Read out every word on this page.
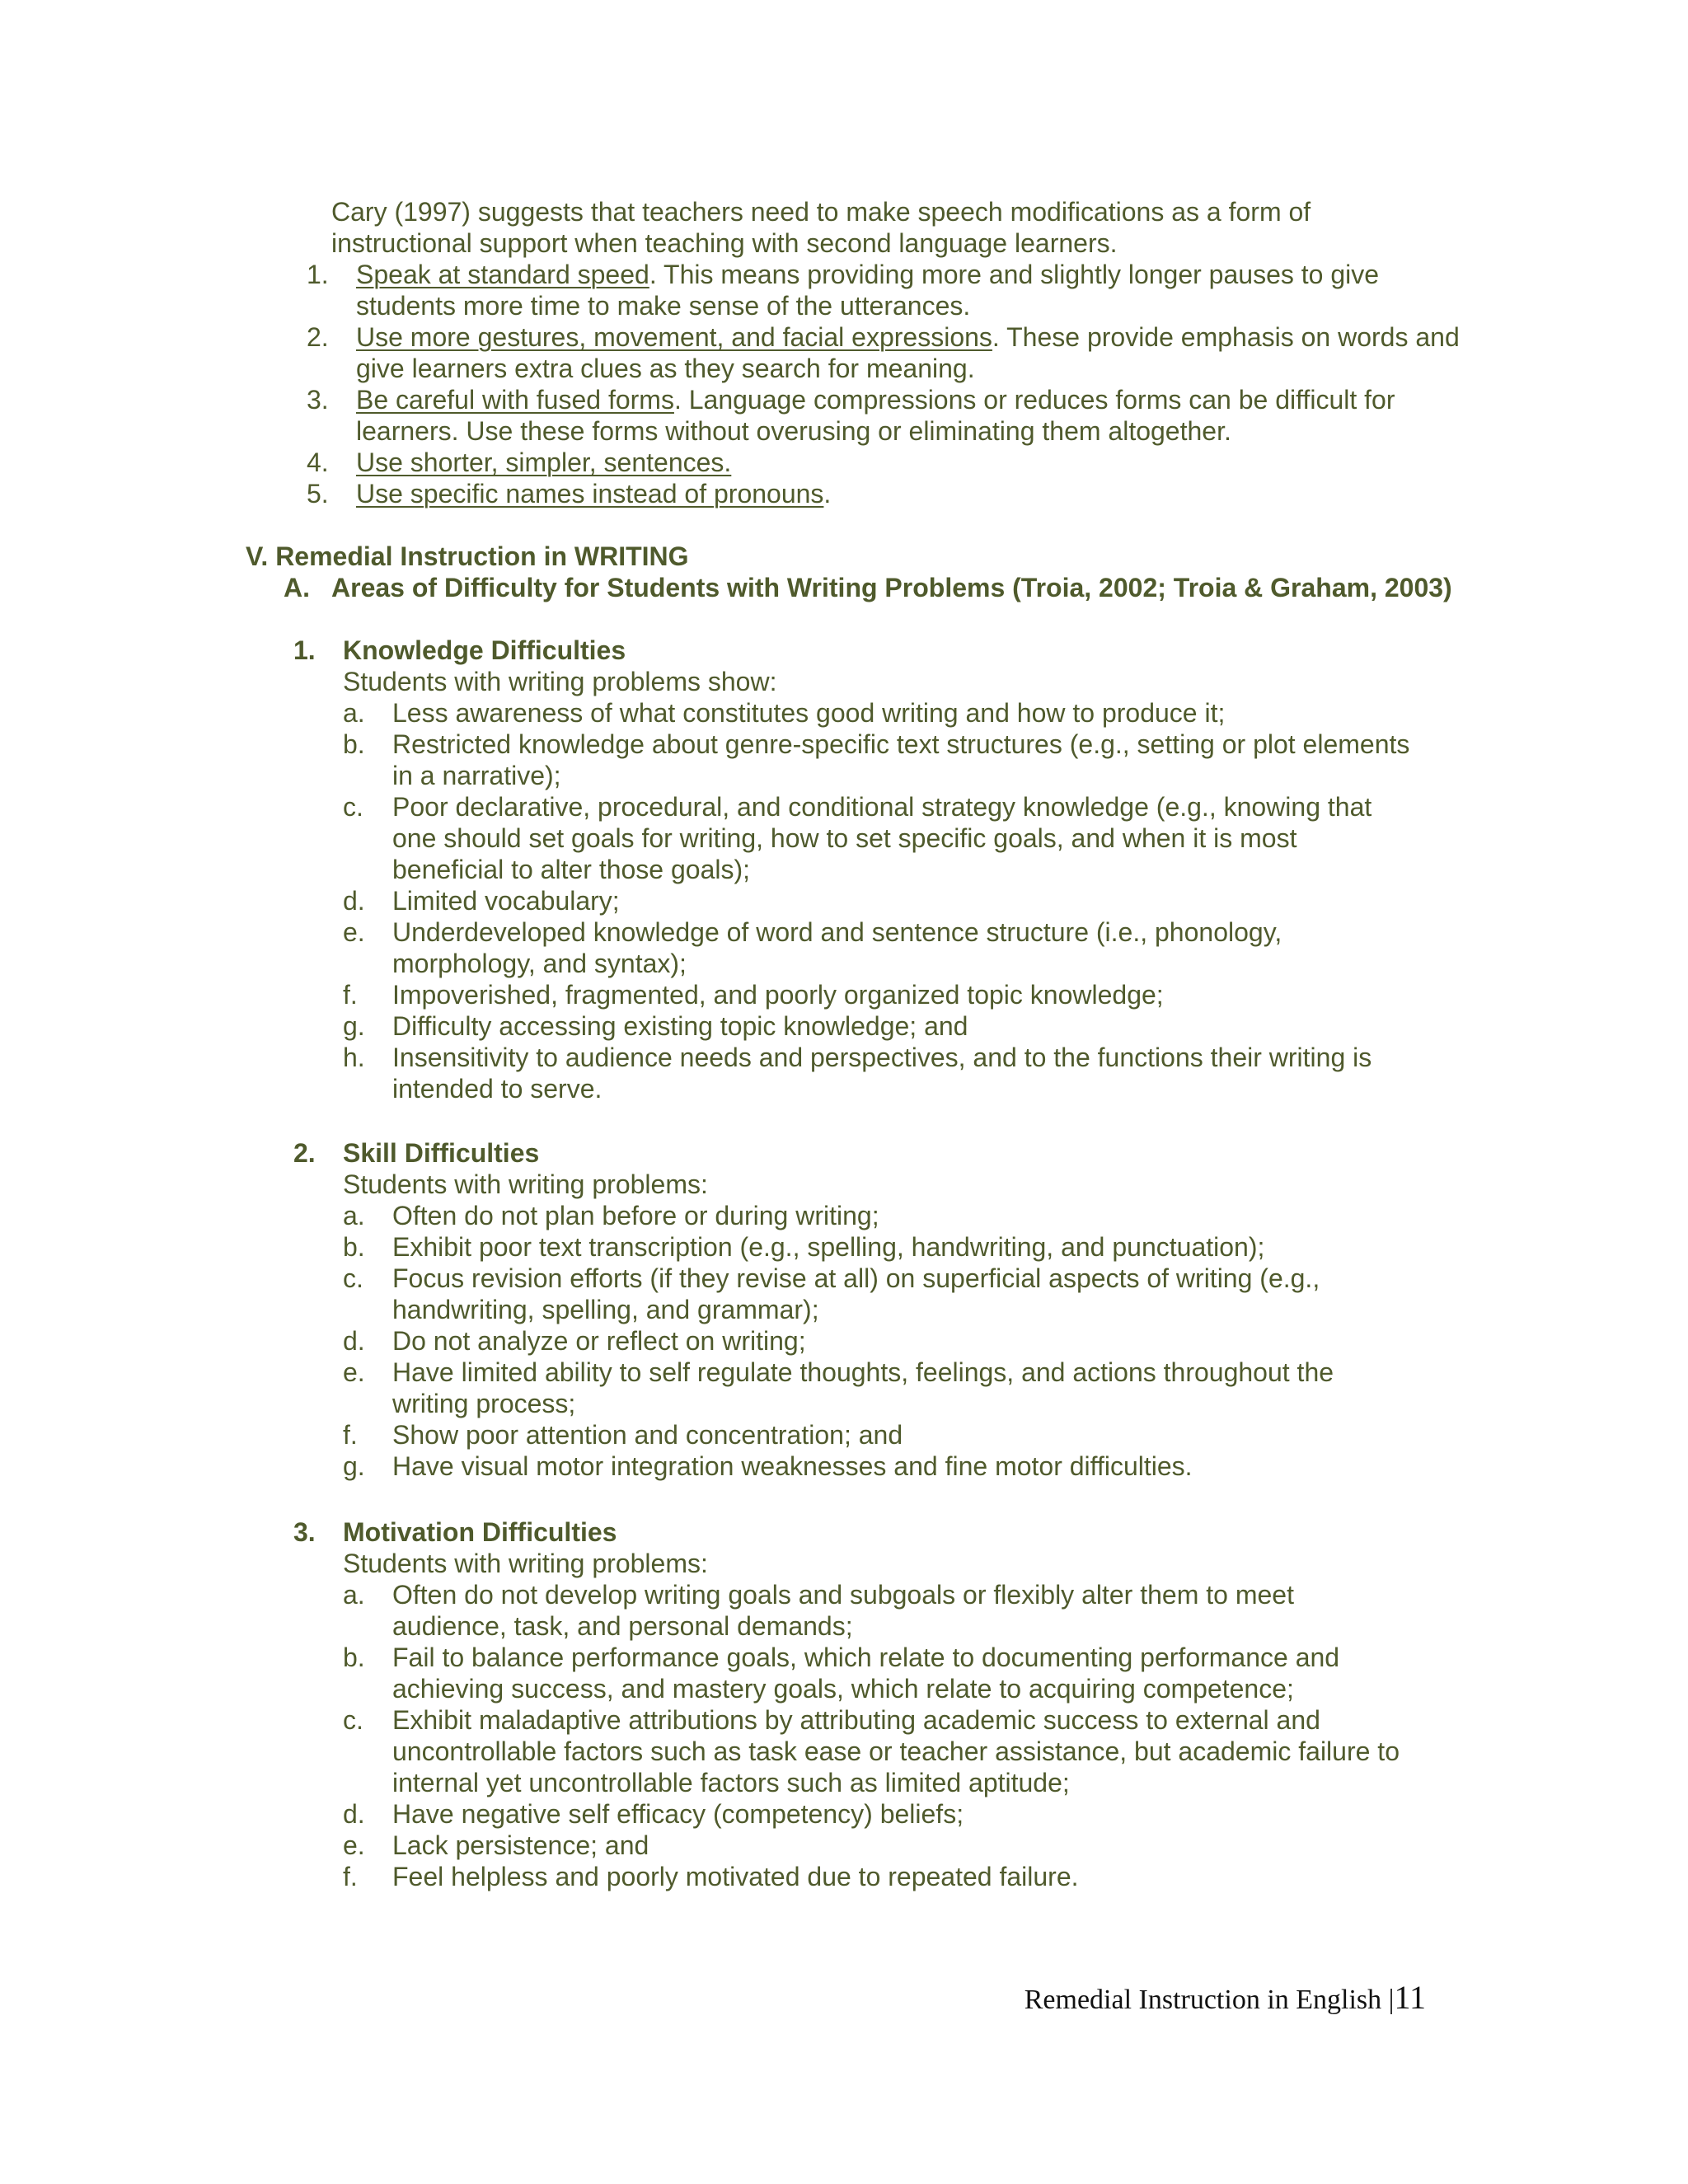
Cary (1997) suggests that teachers need to make speech modifications as a form of instructional support when teaching with second language learners.
1.	Speak at standard speed. This means providing more and slightly longer pauses to give students more time to make sense of the utterances.
2.	Use more gestures, movement, and facial expressions. These provide emphasis on words and give learners extra clues as they search for meaning.
3.	Be careful with fused forms. Language compressions or reduces forms can be difficult for learners. Use these forms without overusing or eliminating them altogether.
4.	Use shorter, simpler, sentences.
5.	Use specific names instead of pronouns.
V. Remedial Instruction in WRITING
A. Areas of Difficulty for Students with Writing Problems (Troia, 2002; Troia & Graham, 2003)
1.	Knowledge Difficulties
Students with writing problems show:
a.	Less awareness of what constitutes good writing and how to produce it;
b.	Restricted knowledge about genre-specific text structures (e.g., setting or plot elements in a narrative);
c.	Poor declarative, procedural, and conditional strategy knowledge (e.g., knowing that one should set goals for writing, how to set specific goals, and when it is most beneficial to alter those goals);
d.	Limited vocabulary;
e.	Underdeveloped knowledge of word and sentence structure (i.e., phonology, morphology, and syntax);
f.	Impoverished, fragmented, and poorly organized topic knowledge;
g.	Difficulty accessing existing topic knowledge; and
h.	Insensitivity to audience needs and perspectives, and to the functions their writing is intended to serve.
2.	Skill Difficulties
Students with writing problems:
a.	Often do not plan before or during writing;
b.	Exhibit poor text transcription (e.g., spelling, handwriting, and punctuation);
c.	Focus revision efforts (if they revise at all) on superficial aspects of writing (e.g., handwriting, spelling, and grammar);
d.	Do not analyze or reflect on writing;
e.	Have limited ability to self regulate thoughts, feelings, and actions throughout the writing process;
f.	Show poor attention and concentration; and
g.	Have visual motor integration weaknesses and fine motor difficulties.
3.	Motivation Difficulties
Students with writing problems:
a.	Often do not develop writing goals and subgoals or flexibly alter them to meet audience, task, and personal demands;
b.	Fail to balance performance goals, which relate to documenting performance and achieving success, and mastery goals, which relate to acquiring competence;
c.	Exhibit maladaptive attributions by attributing academic success to external and uncontrollable factors such as task ease or teacher assistance, but academic failure to internal yet uncontrollable factors such as limited aptitude;
d.	Have negative self efficacy (competency) beliefs;
e.	Lack persistence; and
f.	Feel helpless and poorly motivated due to repeated failure.
Remedial Instruction in English |11
